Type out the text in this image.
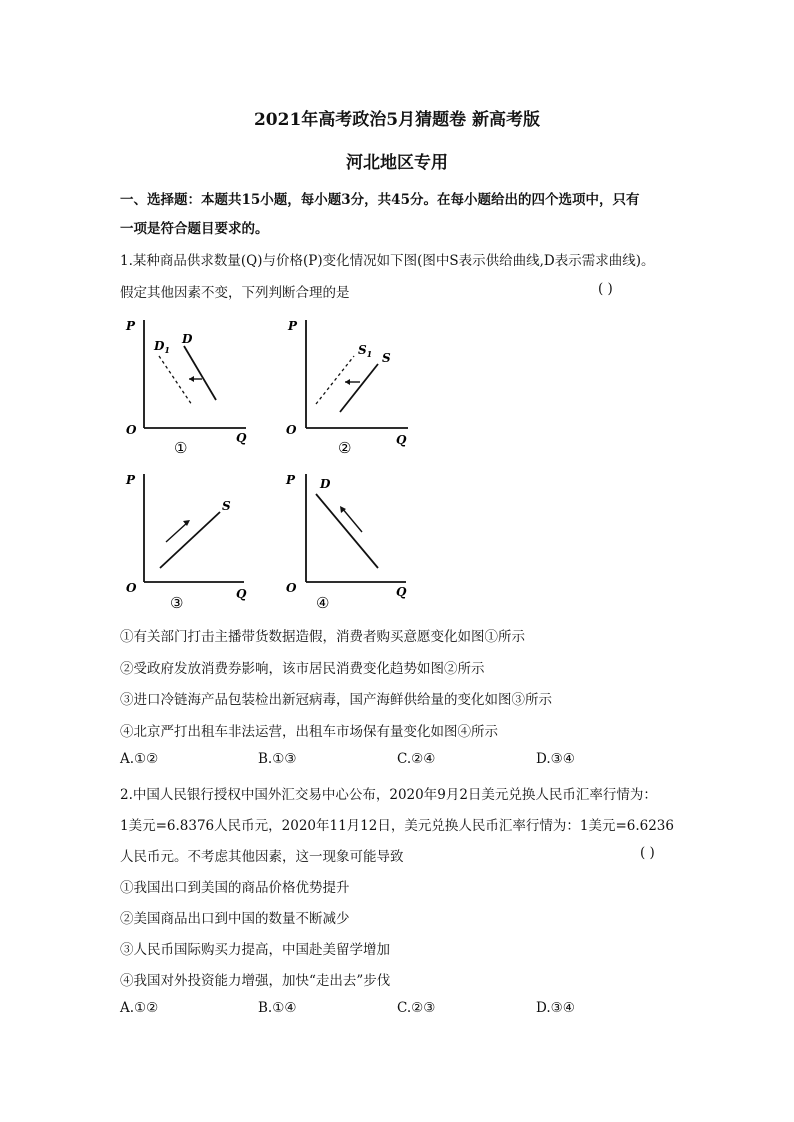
2021年高考政治5月猜题卷 新高考版
河北地区专用
一、选择题：本题共15小题，每小题3分，共45分。在每小题给出的四个选项中，只有
一项是符合题目要求的。
1.某种商品供求数量(Q)与价格(P)变化情况如下图(图中S表示供给曲线,D表示需求曲线)。
假定其他因素不变，下列判断合理的是	( )
P
Q
O
$D_1$
D
①
P
Q
O
$S_1$ S
②
P
Q
O
S
③
P
Q
O
D
④
①有关部门打击主播带货数据造假，消费者购买意愿变化如图①所示
②受政府发放消费券影响，该市居民消费变化趋势如图②所示
③进口冷链海产品包装检出新冠病毒，国产海鲜供给量的变化如图③所示
④北京严打出租车非法运营，出租车市场保有量变化如图④所示
A.①②	B.①③	C.②④	D.③④
2.中国人民银行授权中国外汇交易中心公布，2020年9月2日美元兑换人民币汇率行情为：
1美元=6.8376人民币元，2020年11月12日，美元兑换人民币汇率行情为：1美元=6.6236
人民币元。不考虑其他因素，这一现象可能导致	( )
①我国出口到美国的商品价格优势提升
②美国商品出口到中国的数量不断减少
③人民币国际购买力提高，中国赴美留学增加
④我国对外投资能力增强，加快“走出去”步伐
A.①②	B.①④	C.②③	D.③④
